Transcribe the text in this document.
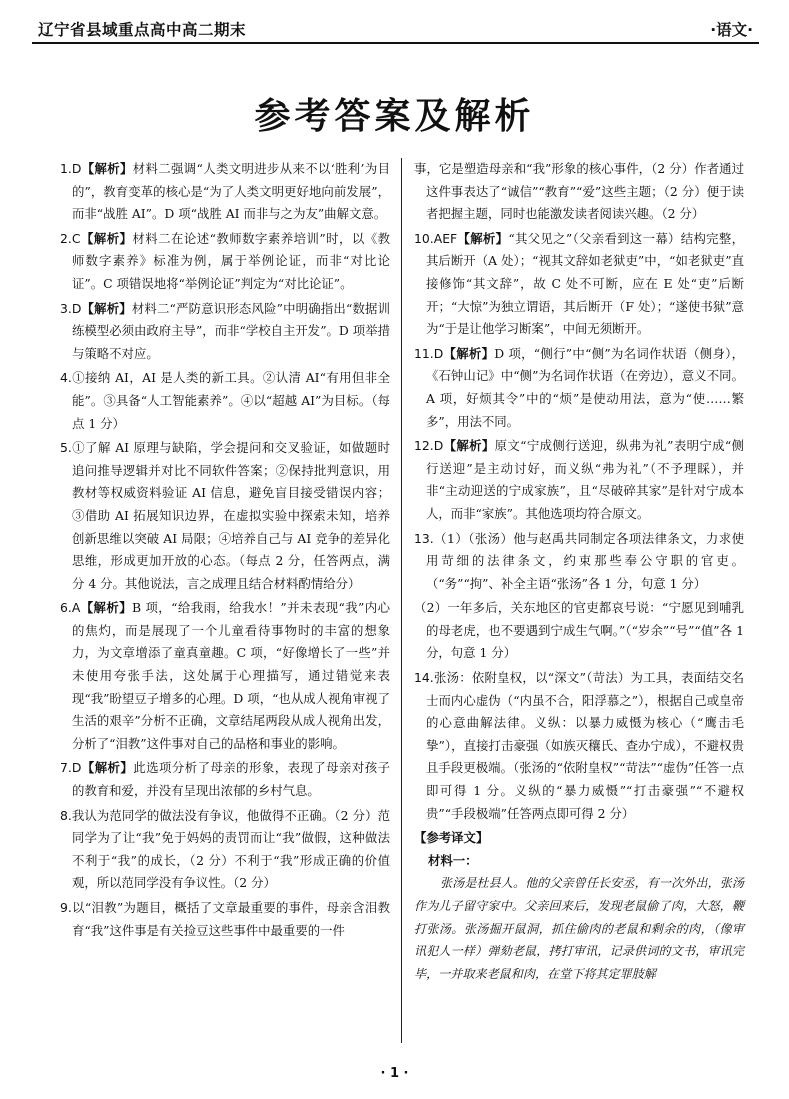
辽宁省县域重点高中高二期末	·语文·
参考答案及解析
1.D【解析】材料二强调“人类文明进步从来不以‘胜利’为目的”，教育变革的核心是“为了人类文明更好地向前发展”，而非“战胜 AI”。D 项“战胜 AI 而非与之为友”曲解文意。
2.C【解析】材料二在论述“教师数字素养培训”时，以《教师数字素养》标准为例，属于举例论证，而非“对比论证”。C 项错误地将“举例论证”判定为“对比论证”。
3.D【解析】材料二“严防意识形态风险”中明确指出“数据训练模型必须由政府主导”，而非“学校自主开发”。D 项举措与策略不对应。
4.①接纳 AI，AI 是人类的新工具。②认清 AI“有用但非全能”。③具备“人工智能素养”。④以“超越 AI”为目标。（每点 1 分）
5.①了解 AI 原理与缺陷，学会提问和交叉验证，如做题时追问推导逻辑并对比不同软件答案；②保持批判意识，用教材等权威资料验证 AI 信息，避免盲目接受错误内容；③借助 AI 拓展知识边界，在虚拟实验中探索未知，培养创新思维以突破 AI 局限；④培养自己与 AI 竞争的差异化思维，形成更加开放的心态。（每点 2 分，任答两点，满分 4 分。其他说法，言之成理且结合材料酌情给分）
6.A【解析】B 项，“给我雨，给我水！”并未表现“我”内心的焦灼，而是展现了一个儿童看待事物时的丰富的想象力，为文章增添了童真童趣。C 项，“好像增长了一些”并未使用夸张手法，这处属于心理描写，通过错觉来表现“我”盼望豆子增多的心理。D 项，“也从成人视角审视了生活的艰辛”分析不正确，文章结尾两段从成人视角出发，分析了“泪教”这件事对自己的品格和事业的影响。
7.D【解析】此选项分析了母亲的形象，表现了母亲对孩子的教育和爱，并没有呈现出浓郁的乡村气息。
8.我认为范同学的做法没有争议，他做得不正确。（2 分）范同学为了让“我”免于妈妈的责罚而让“我”做假，这种做法不利于“我”的成长，（2 分）不利于“我”形成正确的价值观，所以范同学没有争议性。（2 分）
9.以“泪教”为题目，概括了文章最重要的事件，母亲含泪教育“我”这件事是有关捡豆这些事件中最重要的一件
事，它是塑造母亲和“我”形象的核心事件，（2 分）作者通过这件事表达了“诚信”“教育”“爱”这些主题；（2 分）便于读者把握主题，同时也能激发读者阅读兴趣。（2 分）
10.AEF【解析】“其父见之”（父亲看到这一幕）结构完整，其后断开（A 处）；“视其文辞如老狱吏”中，“如老狱吏”直接修饰“其文辞”，故 C 处不可断，应在 E 处“吏”后断开；“大惊”为独立谓语，其后断开（F 处）；“遂使书狱”意为“于是让他学习断案”，中间无须断开。
11.D【解析】D 项，“侧行”中“侧”为名词作状语（侧身），《石钟山记》中“侧”为名词作状语（在旁边），意义不同。A 项，好烦其令”中的“烦”是使动用法，意为“使……繁多”，用法不同。
12.D【解析】原文“宁成侧行送迎，纵弗为礼”表明宁成“侧行送迎”是主动讨好，而义纵“弗为礼”（不予理睬），并非“主动迎送的宁成家族”，且“尽破碎其家”是针对宁成本人，而非“家族”。其他选项均符合原文。
13.（1）（张汤）他与赵禹共同制定各项法律条文，力求使用苛细的法律条文，约束那些奉公守职的官吏。（“务”“拘”、补全主语“张汤”各 1 分，句意 1 分）
（2）一年多后，关东地区的官吏都哀号说：“宁愿见到哺乳的母老虎，也不要遇到宁成生气啊。”（“岁余”“号”“值”各 1 分，句意 1 分）
14.张汤：依附皇权，以“深文”（苛法）为工具，表面结交名士而内心虚伪（“内虽不合，阳浮慕之”），根据自己或皇帝的心意曲解法律。义纵：以暴力威慑为核心（“鹰击毛挚”），直接打击豪强（如族灭穰氏、查办宁成），不避权贵且手段更极端。（张汤的“依附皇权”“苛法”“虚伪”任答一点即可得 1 分。义纵的“暴力威慑”“打击豪强”“不避权贵”“手段极端”任答两点即可得 2 分）
【参考译文】
材料一：

张汤是杜县人。他的父亲曾任长安丞，有一次外出，张汤作为儿子留守家中。父亲回来后，发现老鼠偷了肉，大怒，鞭打张汤。张汤掘开鼠洞，抓住偷肉的老鼠和剩余的肉，（像审讯犯人一样）弹劾老鼠，拷打审讯，记录供词的文书，审讯完毕，一并取来老鼠和肉，在堂下将其定罪肢解

· 1 ·
